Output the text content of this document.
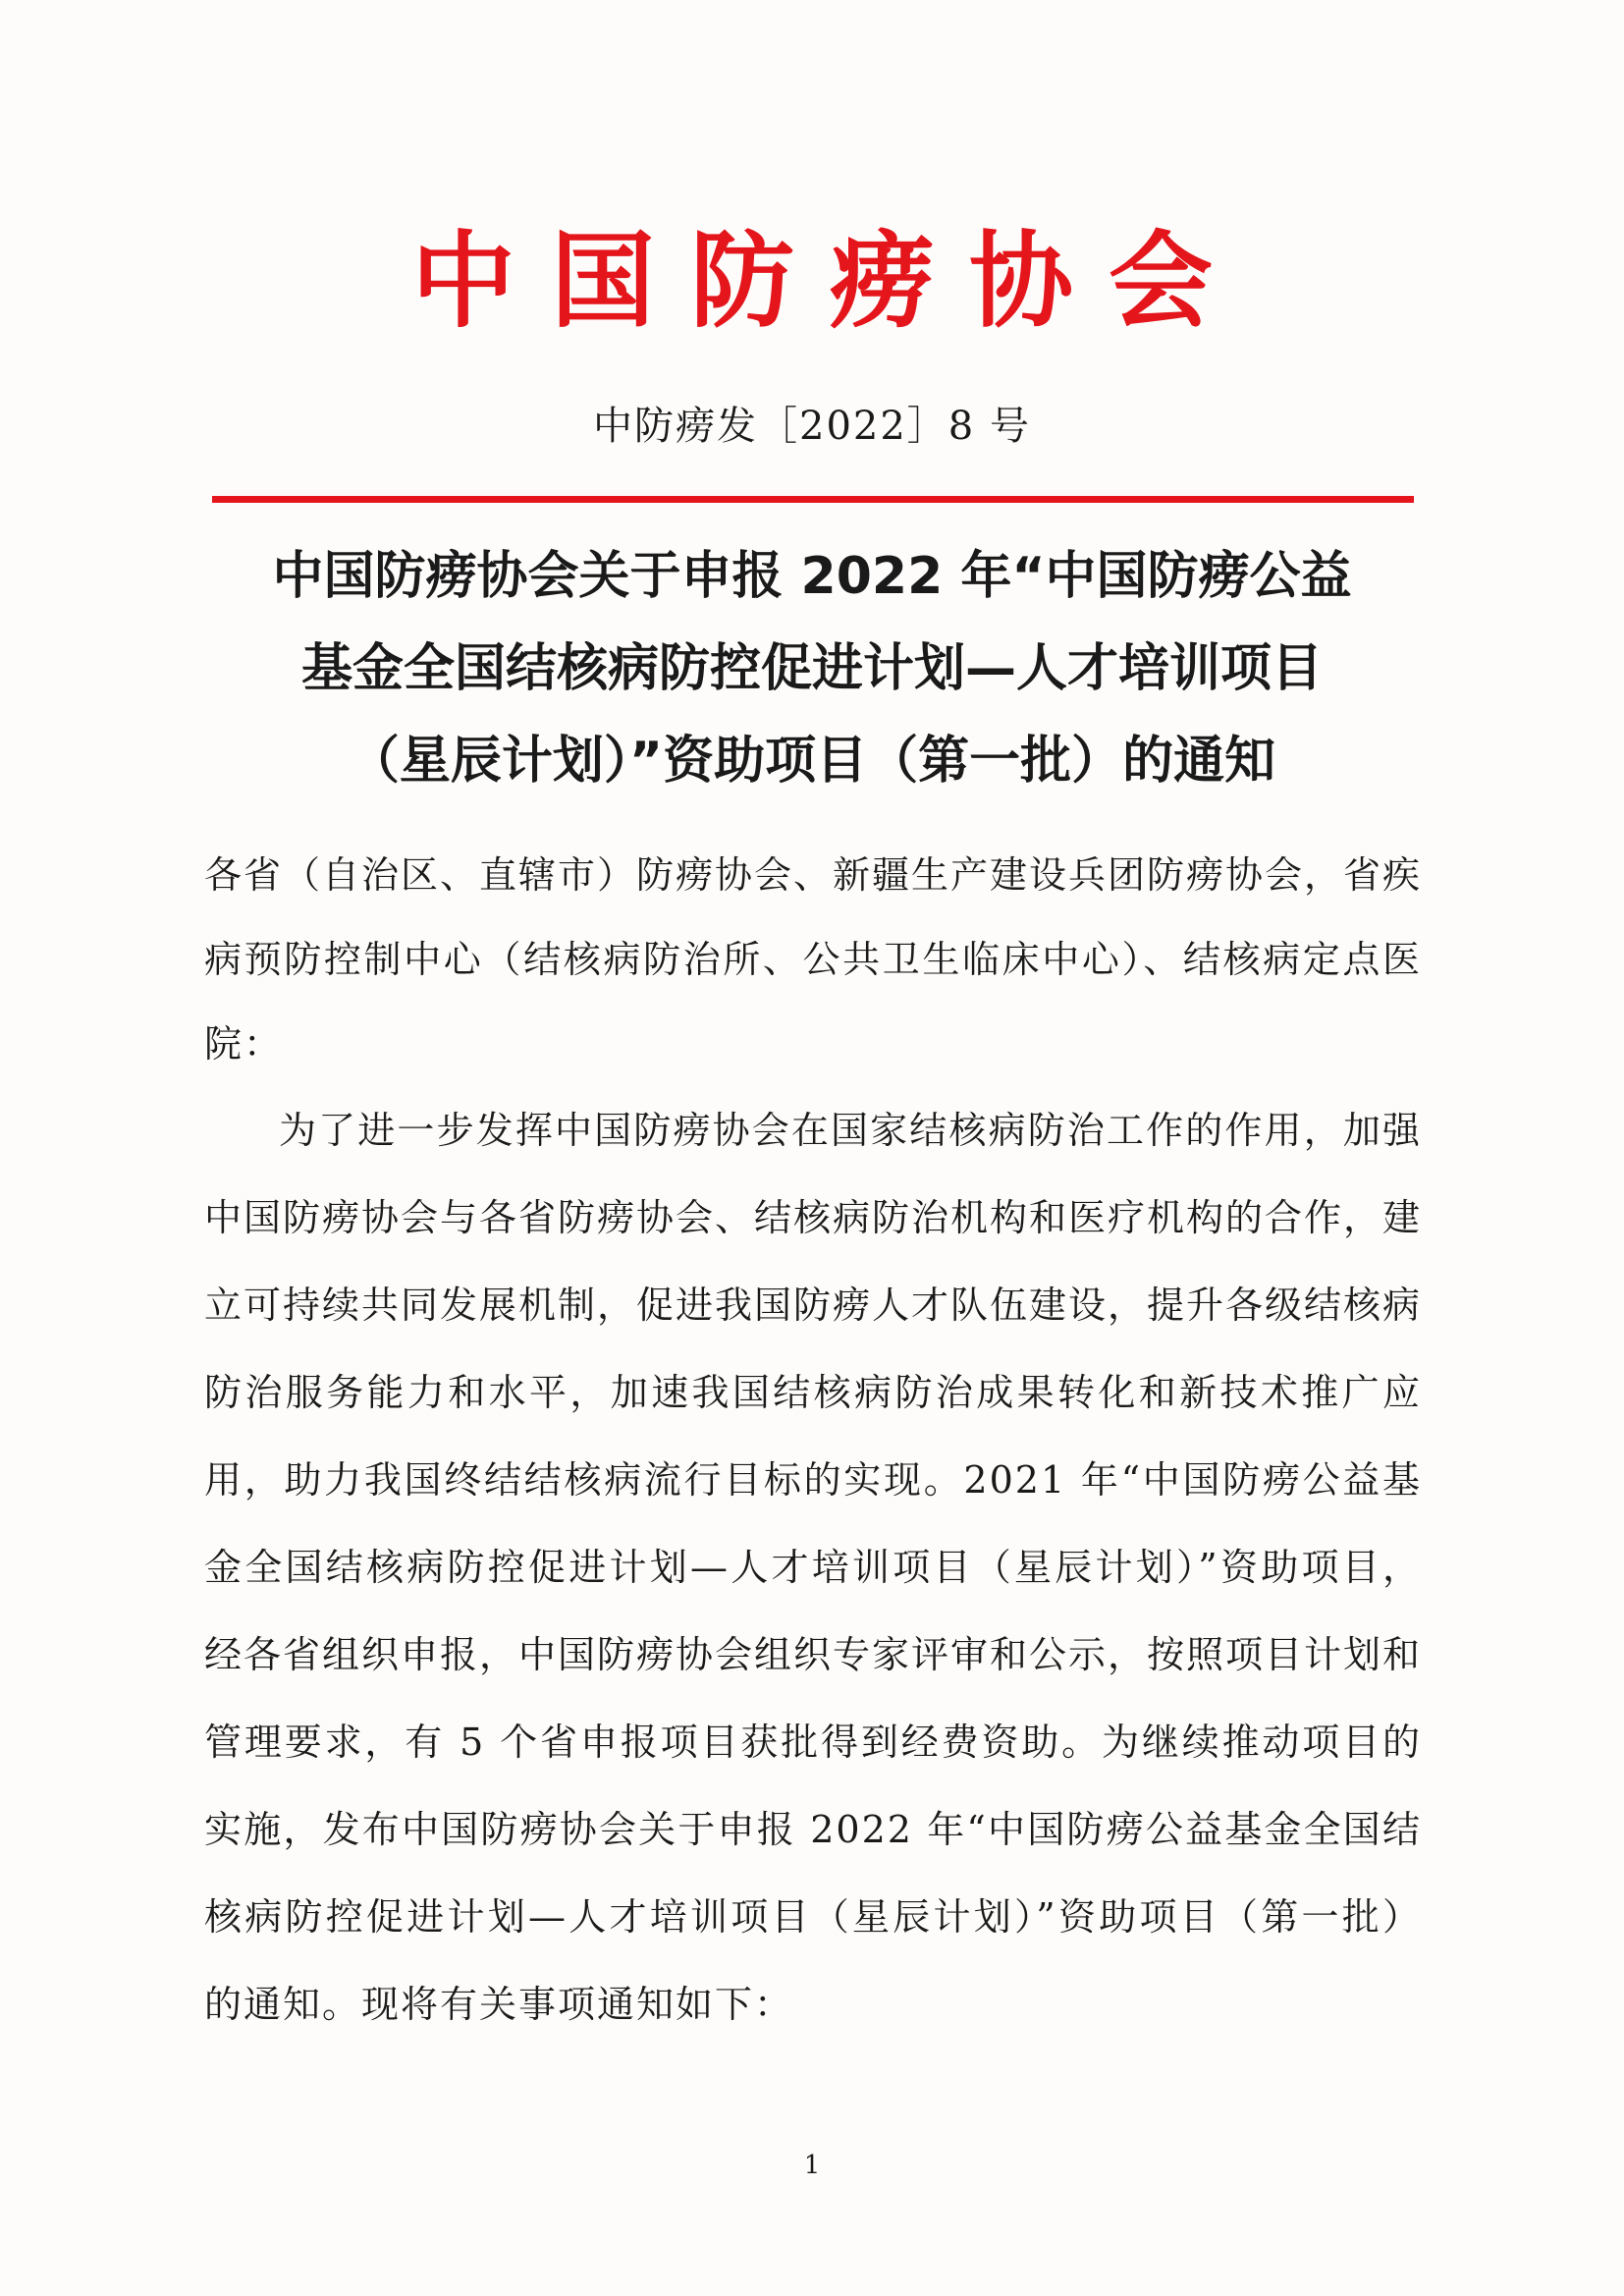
中国防痨协会
中防痨发［2022］8 号
中国防痨协会关于申报 2022 年“中国防痨公益
基金全国结核病防控促进计划—人才培训项目
（星辰计划）”资助项目（第一批）的通知
各省（自治区、直辖市）防痨协会、新疆生产建设兵团防痨协会，省疾病预防控制中心（结核病防治所、公共卫生临床中心）、结核病定点医院：
为了进一步发挥中国防痨协会在国家结核病防治工作的作用，加强中国防痨协会与各省防痨协会、结核病防治机构和医疗机构的合作，建立可持续共同发展机制，促进我国防痨人才队伍建设，提升各级结核病防治服务能力和水平，加速我国结核病防治成果转化和新技术推广应用，助力我国终结结核病流行目标的实现。2021 年“中国防痨公益基金全国结核病防控促进计划—人才培训项目（星辰计划）”资助项目，经各省组织申报，中国防痨协会组织专家评审和公示，按照项目计划和管理要求，有 5 个省申报项目获批得到经费资助。为继续推动项目的实施，发布中国防痨协会关于申报 2022 年“中国防痨公益基金全国结核病防控促进计划—人才培训项目（星辰计划）”资助项目（第一批）的通知。现将有关事项通知如下：
1
